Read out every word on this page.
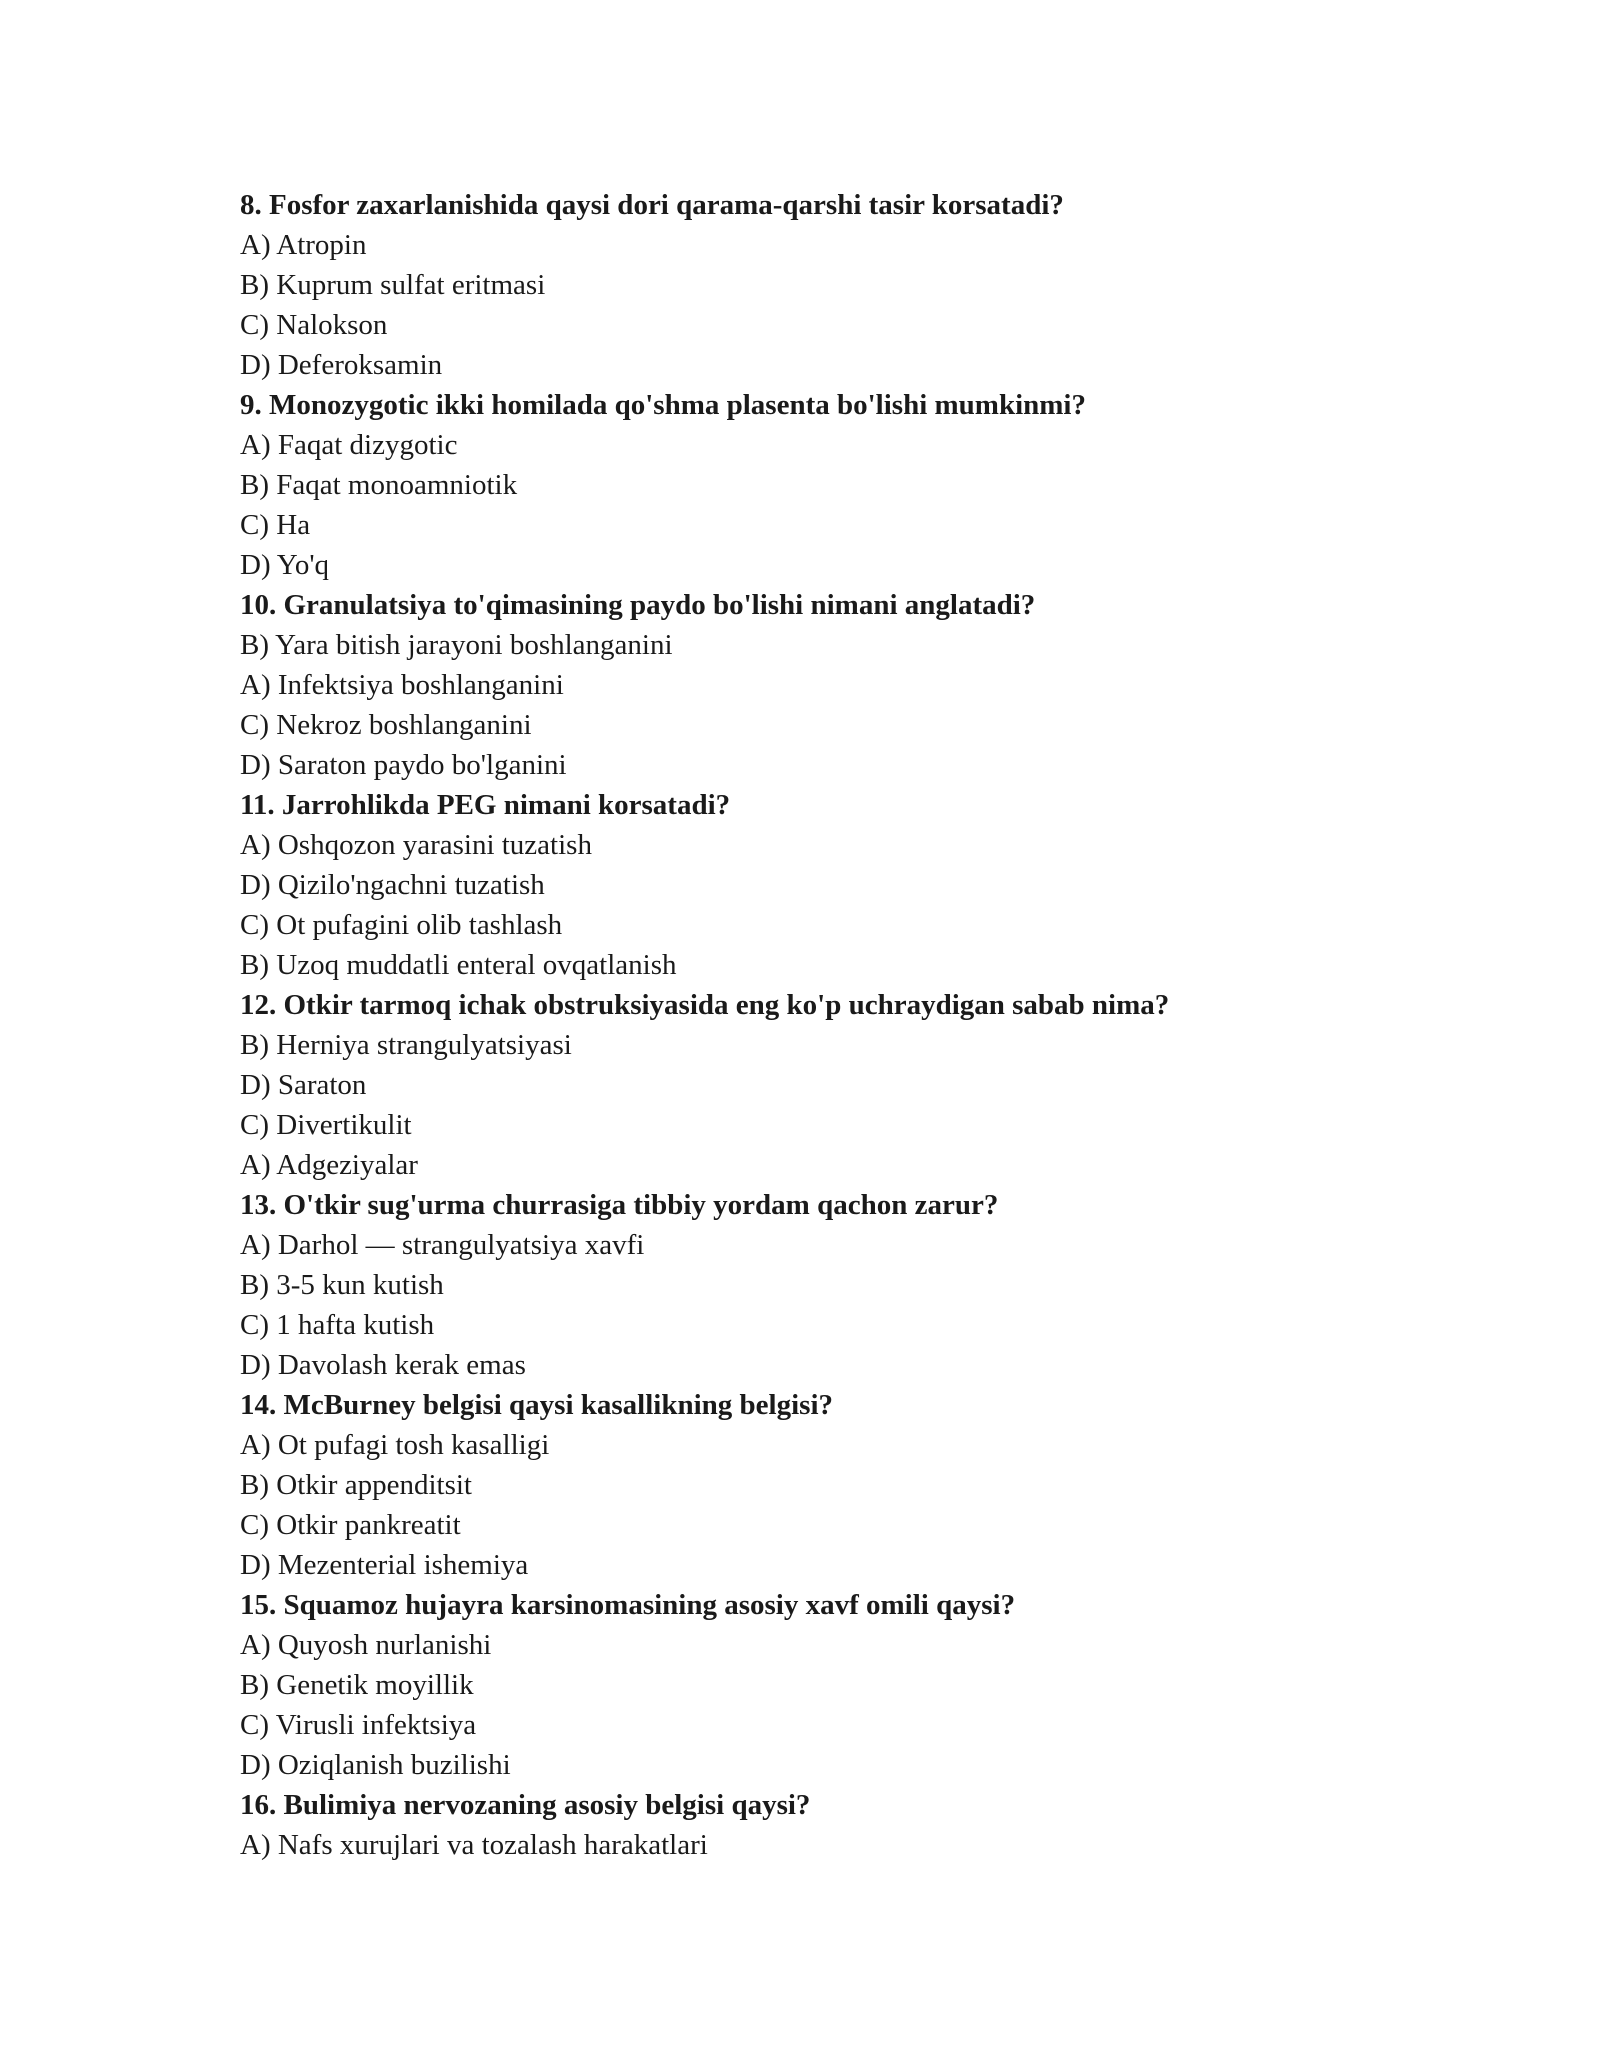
8. Fosfor zaxarlanishida qaysi dori qarama-qarshi tasir korsatadi?
A) Atropin
B) Kuprum sulfat eritmasi
C) Nalokson
D) Deferoksamin
9. Monozygotic ikki homilada qo'shma plasenta bo'lishi mumkinmi?
A) Faqat dizygotic
B) Faqat monoamniotik
C) Ha
D) Yo'q
10. Granulatsiya to'qimasining paydo bo'lishi nimani anglatadi?
B) Yara bitish jarayoni boshlanganini
A) Infektsiya boshlanganini
C) Nekroz boshlanganini
D) Saraton paydo bo'lganini
11. Jarrohlikda PEG nimani korsatadi?
A) Oshqozon yarasini tuzatish
D) Qizilo'ngachni tuzatish
C) Ot pufagini olib tashlash
B) Uzoq muddatli enteral ovqatlanish
12. Otkir tarmoq ichak obstruksiyasida eng ko'p uchraydigan sabab nima?
B) Herniya strangulyatsiyasi
D) Saraton
C) Divertikulit
A) Adgeziyalar
13. O'tkir sug'urma churrasiga tibbiy yordam qachon zarur?
A) Darhol — strangulyatsiya xavfi
B) 3-5 kun kutish
C) 1 hafta kutish
D) Davolash kerak emas
14. McBurney belgisi qaysi kasallikning belgisi?
A) Ot pufagi tosh kasalligi
B) Otkir appenditsit
C) Otkir pankreatit
D) Mezenterial ishemiya
15. Squamoz hujayra karsinomasining asosiy xavf omili qaysi?
A) Quyosh nurlanishi
B) Genetik moyillik
C) Virusli infektsiya
D) Oziqlanish buzilishi
16. Bulimiya nervozaning asosiy belgisi qaysi?
A) Nafs xurujlari va tozalash harakatlari
